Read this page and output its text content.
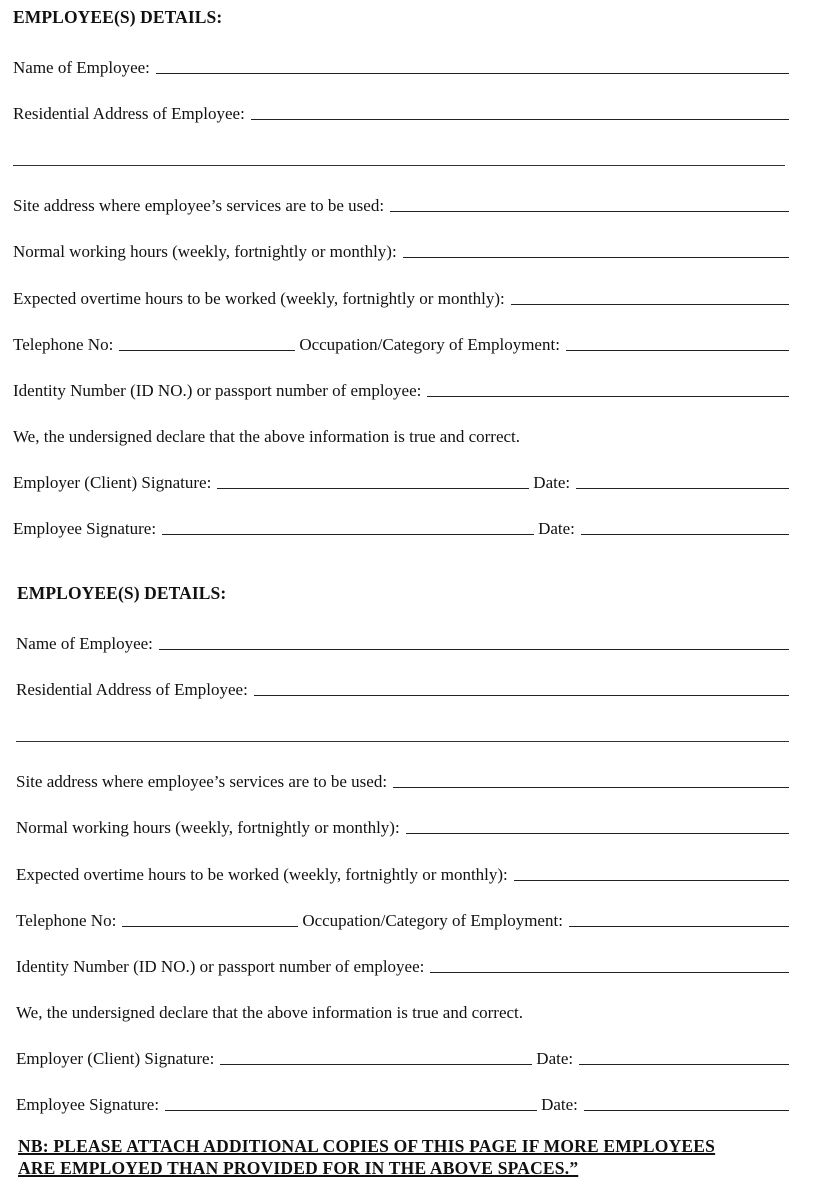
EMPLOYEE(S) DETAILS:
Name of Employee:
Residential Address of Employee:
Site address where employee’s services are to be used:
Normal working hours (weekly, fortnightly or monthly):
Expected overtime hours to be worked (weekly, fortnightly or monthly):
Telephone No:	Occupation/Category of Employment:
Identity Number (ID NO.) or passport number of employee:
We, the undersigned declare that the above information is true and correct.
Employer (Client) Signature:	Date:
Employee Signature:	Date:
EMPLOYEE(S) DETAILS:
Name of Employee:
Residential Address of Employee:
Site address where employee’s services are to be used:
Normal working hours (weekly, fortnightly or monthly):
Expected overtime hours to be worked (weekly, fortnightly or monthly):
Telephone No:	Occupation/Category of Employment:
Identity Number (ID NO.) or passport number of employee:
We, the undersigned declare that the above information is true and correct.
Employer (Client) Signature:	Date:
Employee Signature:	Date:
NB: PLEASE ATTACH ADDITIONAL COPIES OF THIS PAGE IF MORE EMPLOYEES
ARE EMPLOYED THAN PROVIDED FOR IN THE ABOVE SPACES.”
